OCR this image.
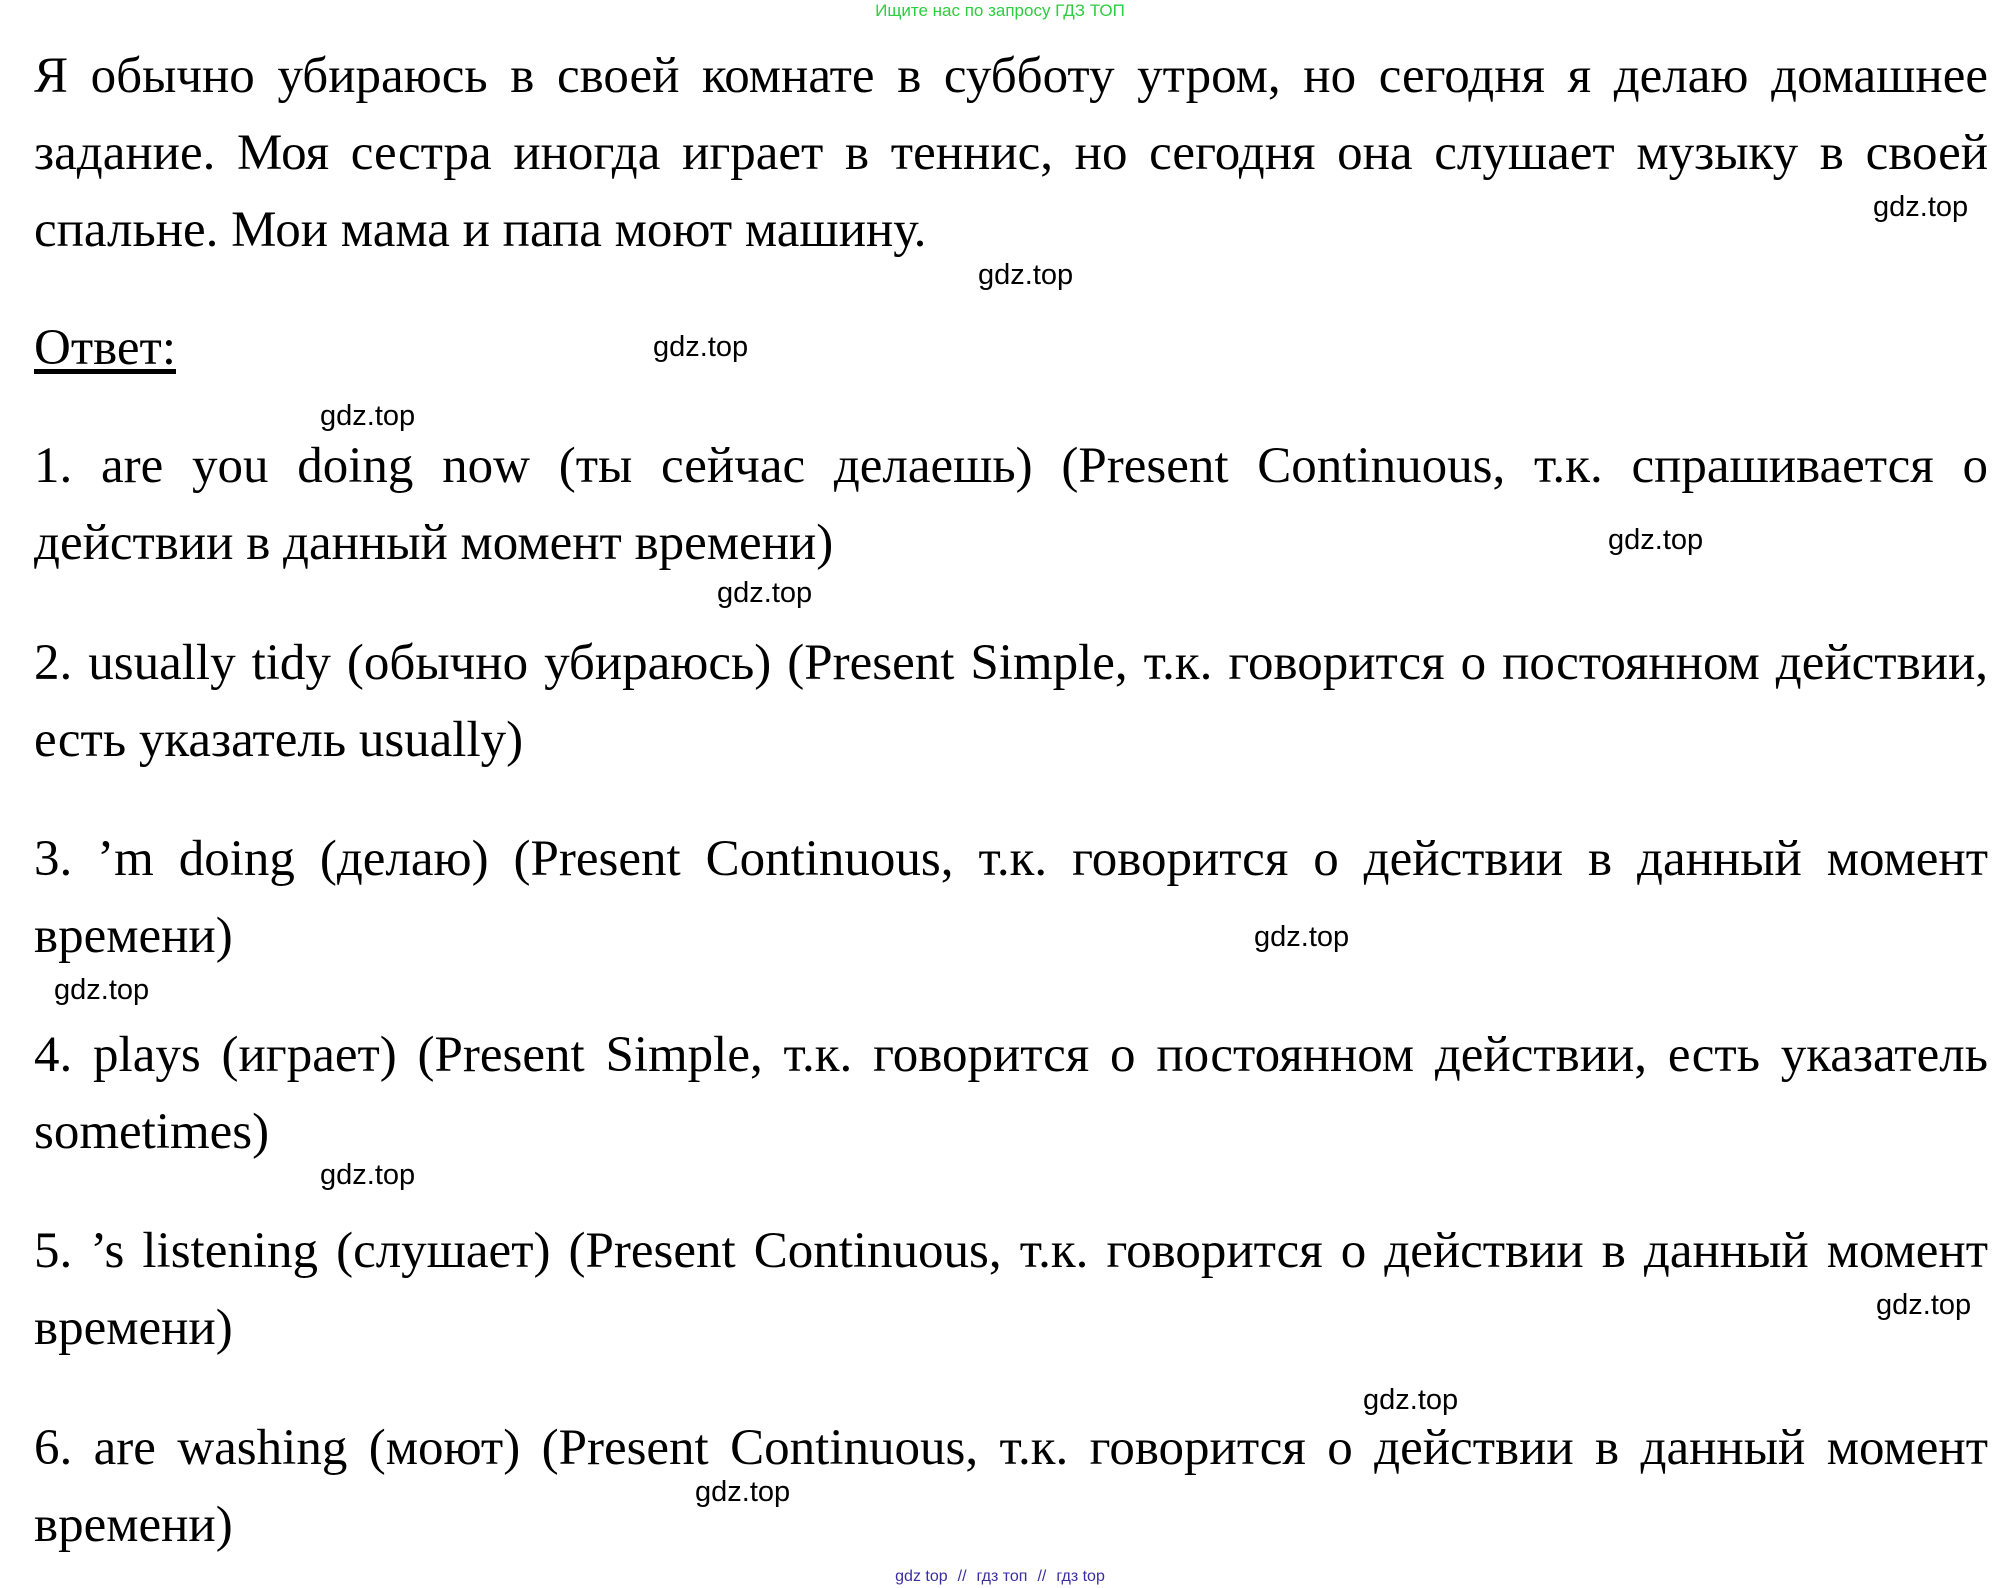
Ищите нас по запросу ГДЗ ТОП
Я обычно убираюсь в своей комнате в субботу утром, но сегодня я делаю домашнее задание. Моя сестра иногда играет в теннис, но сегодня она слушает музыку в своей спальне. Мои мама и папа моют машину.
Ответ:
1. are you doing now (ты сейчас делаешь) (Present Continuous, т.к. спрашивается о действии в данный момент времени)
2. usually tidy (обычно убираюсь) (Present Simple, т.к. говорится о постоянном действии, есть указатель usually)
3. ’m doing (делаю) (Present Continuous, т.к. говорится о действии в данный момент времени)
4. plays (играет) (Present Simple, т.к. говорится о постоянном действии, есть указатель sometimes)
5. ’s listening (слушает) (Present Continuous, т.к. говорится о действии в данный момент времени)
6. are washing (моют) (Present Continuous, т.к. говорится о действии в данный момент времени)
gdz.top
gdz.top
gdz.top
gdz.top
gdz.top
gdz.top
gdz.top
gdz.top
gdz.top
gdz.top
gdz.top
gdz.top
gdz top // гдз топ // гдз top
